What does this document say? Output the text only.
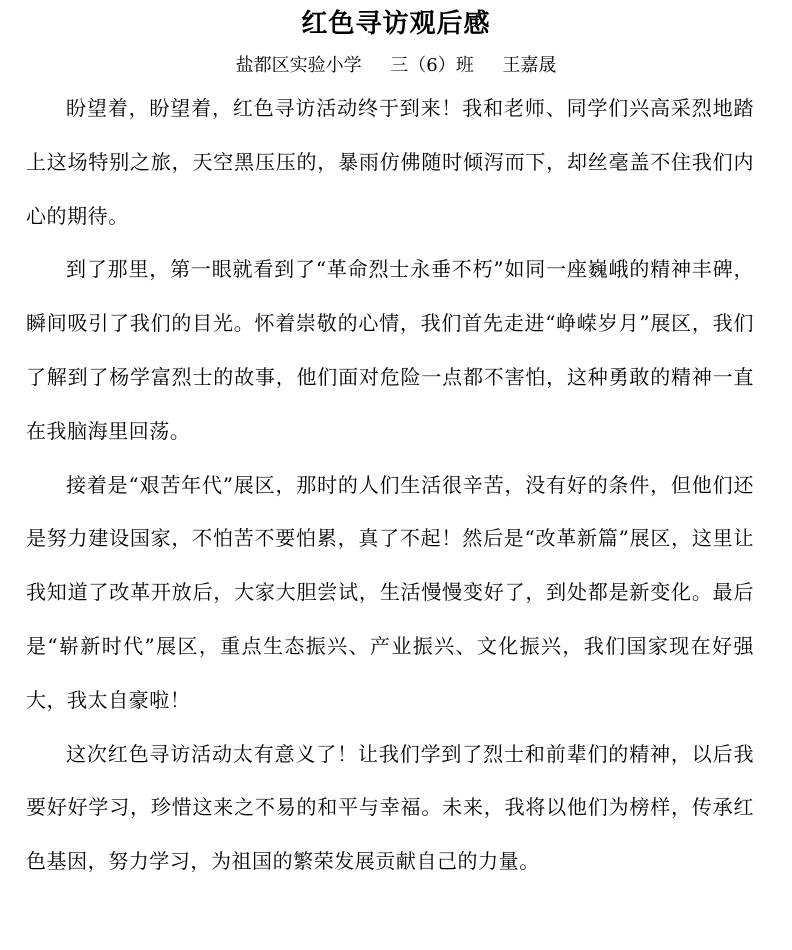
红色寻访观后感
盐都区实验小学     三（6）班     王嘉晟

盼望着，盼望着，红色寻访活动终于到来！我和老师、同学们兴高采烈地踏上这场特别之旅，天空黑压压的，暴雨仿佛随时倾泻而下，却丝毫盖不住我们内心的期待。

到了那里，第一眼就看到了“革命烈士永垂不朽”如同一座巍峨的精神丰碑，瞬间吸引了我们的目光。怀着崇敬的心情，我们首先走进“峥嵘岁月”展区，我们了解到了杨学富烈士的故事，他们面对危险一点都不害怕，这种勇敢的精神一直在我脑海里回荡。

接着是“艰苦年代”展区，那时的人们生活很辛苦，没有好的条件，但他们还是努力建设国家，不怕苦不要怕累，真了不起！然后是“改革新篇”展区，这里让我知道了改革开放后，大家大胆尝试，生活慢慢变好了，到处都是新变化。最后是“崭新时代”展区，重点生态振兴、产业振兴、文化振兴，我们国家现在好强大，我太自豪啦！

这次红色寻访活动太有意义了！让我们学到了烈士和前辈们的精神，以后我要好好学习，珍惜这来之不易的和平与幸福。未来，我将以他们为榜样，传承红色基因，努力学习，为祖国的繁荣发展贡献自己的力量。
